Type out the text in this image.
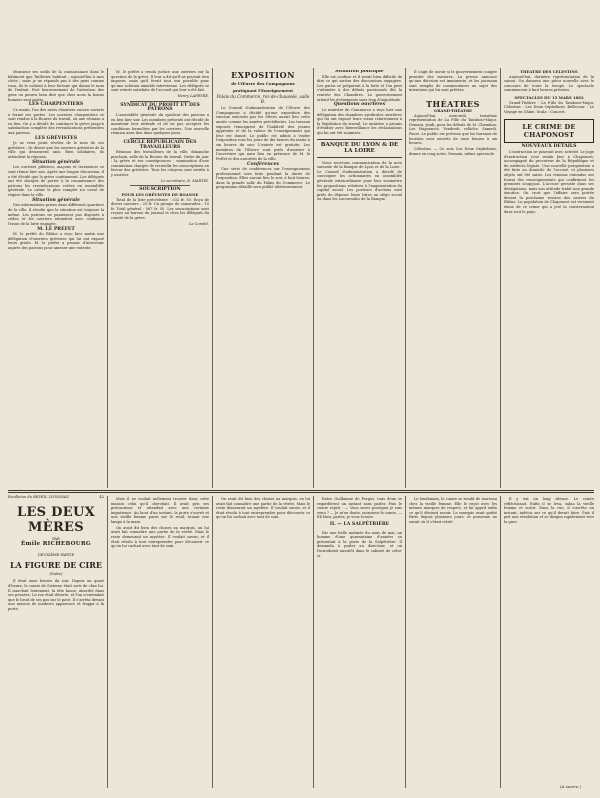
Monsieur ses outils de la connaissance dans le bâtiment que Taillevier habitait ; aujourd'hui à mes côtés ; mais je ne réponds pas à des gens comme vous, ils le coûtent à leur fortune qui donna le nom de l'enfant. Fort heureusement de l'attention des gens on pourra bien dire que chez nous la bonne humeur sont partis.

LES CHARPENTIERS

Ce matin, l'un des rares chantiers encore ouverts a fermé ses portes. Les ouvriers charpentiers se sont rendus à la Bourse du travail, où une réunion a eu lieu. On y a décidé de continuer la grève jusqu'à satisfaction complète des revendications présentées aux patrons.

LES GRÉVISTES

Je ne veux point révéler de le nom de ces grévistes ; ils disent que les ouvriers grévistes de la ville qui demeurent unis. Bien solidaires, ils attendent la réponse.

Situation générale

Les ouvriers plâtriers, maçons et terrassiers se sont réunis hier soir. Après une longue discussion, il a été décidé que la grève continuerait. Les délégués ont été chargés de porter à la connaissance des patrons les revendications votées en assemblée générale. Le calme le plus complet n'a cessé de régner dans la ville.

Situation générale

Des informations prises dans différents quartiers de la ville, il résulte que la situation est toujours la même. Les patrons ne paraissent pas disposés à céder, et les ouvriers attendent avec confiance l'issue de la lutte engagée.

M. LE PRÉFET

M. le préfet du Rhône a reçu hier matin une délégation d'ouvriers grévistes qui lui ont exposé leurs griefs. M. le préfet a promis d'intervenir auprès des patrons pour amener une entente.

M. le préfet a rendu justice aux ouvriers sur la question de la grève. Il leur a dit qu'il ne pouvait rien imposer, mais qu'il ferait tout son possible pour qu'une solution amiable intervienne. Les délégués se sont retirés satisfaits de l'accueil qui leur a été fait.

Henry LAPEYRE.

SYNDICAT DU PROFIT ET DES PATRONS

L'assemblée générale du syndicat des patrons a eu lieu hier soir. Les membres présents ont décidé de maintenir leur attitude et de ne pas accepter les conditions formulées par les ouvriers. Une nouvelle réunion aura lieu dans quelques jours.

CERCLE RÉPUBLICAIN DES TRAVAILLEURS

Réunion des travailleurs de la ville, dimanche prochain, salle de la Bourse du travail. Ordre du jour : la grève et ses conséquences ; nomination d'une commission chargée de recueillir les souscriptions en faveur des grévistes. Tous les citoyens sont invités à y assister.

Le secrétaire, E. MARTIN.

SOUSCRIPTION
POUR LES GRÉVISTES DE ROANNE

Total de la liste précédente : 532 fr. 50. Reçu de divers ouvriers : 25 fr. Un groupe de camarades : 10 fr. Total général : 567 fr. 50. Les souscriptions sont reçues au bureau du journal et chez les délégués du comité de la grève.

Le Comité.

EXPOSITION
de l'Œuvre des Compagnons
pratiquant l'Enseignement
Palais du Commerce, rez-de-chaussée, salle B.

Le Conseil d'administration de l'Œuvre des Compagnons a décidé qu'une exposition des travaux exécutés par les élèves aurait lieu cette année comme les années précédentes. Les travaux exposés témoignent de l'habileté des jeunes apprentis et de la valeur de l'enseignement qui leur est donné. Le public est admis à visiter l'exposition tous les jours de dix heures du matin à six heures du soir. L'entrée est gratuite. Les membres de l'Œuvre sont priés d'assister à l'ouverture qui aura lieu en présence de M. le Préfet et des autorités de la ville.

Conférences

Une série de conférences sur l'enseignement professionnel sera faite pendant la durée de l'exposition. Elles auront lieu le soir, à huit heures, dans la grande salle du Palais du Commerce. Le programme détaillé sera publié ultérieurement.

Situation politique

Elle est confuse et il serait bien difficile de dire ce qui sortira des discussions engagées. Les partis se préparent à la lutte et l'on peut s'attendre à des débats passionnés dès la rentrée des Chambres. Le gouvernement attend les événements sans trop d'inquiétude.

Questions ouvrières

Le ministre du Commerce a reçu hier une délégation des chambres syndicales ouvrières qui lui ont exposé leurs vœux relativement à la législation du travail. Le ministre a promis d'étudier avec bienveillance les réclamations qui lui ont été soumises.

BANQUE DU LYON & DE LA LOIRE

Nous recevons communication de la note suivante de la Banque de Lyon et de la Loire : Le Conseil d'administration a décidé de convoquer les actionnaires en assemblée générale extraordinaire pour leur soumettre les propositions relatives à l'augmentation du capital social. Les porteurs d'actions sont priés de déposer leurs titres au siège social ou dans les succursales de la Banque.

Il s'agit de savoir si le gouvernement compte prendre des mesures. La presse annonce qu'une décision est imminente, et les journaux sont remplis de commentaires au sujet des intentions qui lui sont prêtées.

THÉATRES
GRAND-THÉATRE

Aujourd'hui, mercredi, troisième représentation de La Fille du Tambour-Major. Demain, jeudi, pour les débuts de M. Chambon, Les Huguenots. Vendredi, relâche. Samedi, Faust. Le public est prévenu que les bureaux de location sont ouverts de onze heures à six heures.

Célestins. — Ce soir, Les Deux Orphelines, drame en cinq actes. Demain, même spectacle.

THÉATRE DES CÉLESTINS

Aujourd'hui, dernière représentation de la saison. On donnera une pièce nouvelle avec le concours de toute la troupe. Le spectacle commencera à huit heures précises.

SPECTACLES DU 15 MARS 1882

Grand-Théâtre : La Fille du Tambour-Major. Célestins : Les Deux Orphelines. Bellecour : Le Voyage en Chine. Scala : Concert.

LE CRIME DE CHAPONOST
NOUVEAUX DÉTAILS

L'instruction se poursuit avec activité. Le juge d'instruction s'est rendu hier à Chaponost, accompagné du procureur de la République et du médecin légiste. Une nouvelle perquisition a été faite au domicile de l'accusé, et plusieurs objets ont été saisis. Les témoins entendus ont fourni des renseignements qui confirment les premiers soupçons. L'accusé persiste dans ses dénégations, mais son attitude trahit une grande émotion. On croit que l'affaire sera portée devant la prochaine session des assises du Rhône. La population de Chaponost est vivement émue de ce crime qui a jeté la consternation dans tout le pays.

Feuilleton du RÉVEIL LYONNAIS	42
LES DEUX MÈRES
PAR
Émile RICHEBOURG
DEUXIÈME PARTIE
LA FIGURE DE CIRE
(Suite)

Il était onze heures du soir. Depuis un quart d'heure, le comte de Sisterne était sorti de chez lui. Il marchait lentement, la tête basse, absorbé dans ses pensées. La rue était déserte, et l'on n'entendait que le bruit de ses pas sur le pavé. Il s'arrêta devant une maison de modeste apparence et frappa à la porte.

Mais il ne voulait nullement trouver dans cette maison celui qu'il cherchait. Il avait pris ses précautions et attendait avec une certaine impatience. Au bout d'un instant, la porte s'ouvrit et une vieille femme parut sur le seuil, tenant une lampe à la main.

On avait dit bien des choses au marquis, on lui avait fait connaître une partie de la vérité. Mais le reste demeurait un mystère. Il voulait savoir, et il était résolu à tout entreprendre pour découvrir ce qu'on lui cachait avec tant de soin.

On avait dit bien des choses au marquis, on lui avait fait connaître une partie de la vérité. Mais le reste demeurait un mystère. Il voulait savoir, et il était résolu à tout entreprendre pour découvrir ce qu'on lui cachait avec tant de soin.

Entre Guillaume de Forges, tous deux se regardèrent un instant sans parler. Puis le comte reprit : — Vous savez pourquoi je suis venu ? — Je m'en doute, monsieur le comte. — Eh bien, parlez, je vous écoute.

II. — LA SALPÊTRIÈRE

Par une belle matinée du mois de mai, un homme d'une quarantaine d'années se présentait à la porte de la Salpêtrière. Il demanda à parler au directeur, et on l'introduisit aussitôt dans le cabinet de celui-ci.

Le lendemain, le comte se rendit de nouveau chez la vieille femme. Elle le reçut avec les mêmes marques de respect, et lui apprit enfin ce qu'il désirait savoir. Le marquis avait quitté Paris depuis plusieurs jours, et personne ne savait où il s'était retiré.

Il y eut un long silence. Le comte réfléchissait. Enfin il se leva, salua la vieille femme et sortit. Dans la rue, il s'arrêta un instant, indécis sur ce qu'il devait faire. Puis il prit une résolution et se dirigea rapidement vers la gare.

(A suivre.)
